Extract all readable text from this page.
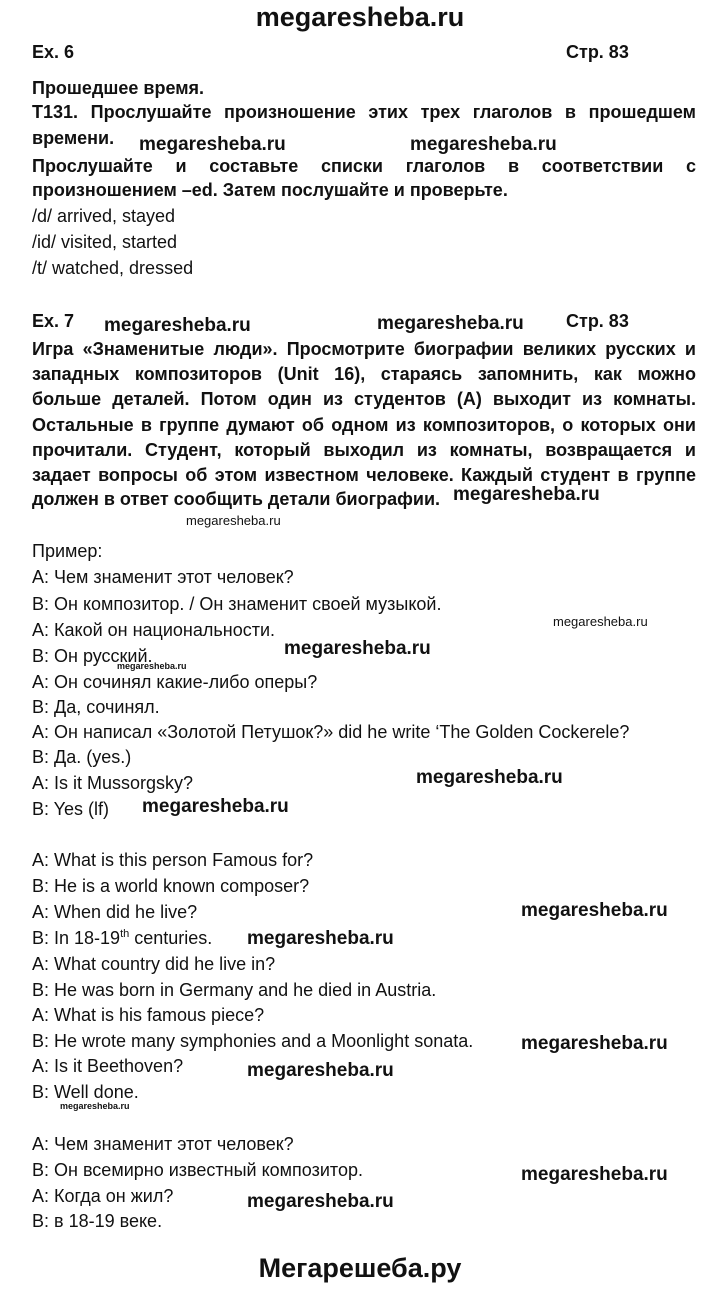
megaresheba.ru
Ex. 6	Стр. 83
Прошедшее время.
T131. Прослушайте произношение этих трех глаголов в прошедшем
времени.
Прослушайте и составьте списки глаголов в соответствии с
произношением –ed. Затем послушайте и проверьте.
/d/ arrived, stayed
/id/ visited, started
/t/ watched, dressed
Ex. 7	Стр. 83
Игра «Знаменитые люди». Просмотрите биографии великих русских и
западных композиторов (Unit 16), стараясь запомнить, как можно
больше деталей. Потом один из студентов (А) выходит из комнаты.
Остальные в группе думают об одном из композиторов, о которых они
прочитали. Студент, который выходил из комнаты, возвращается и
задает вопросы об этом известном человеке. Каждый студент в группе
должен в ответ сообщить детали биографии.
Пример:
A: Чем знаменит этот человек?
B: Он композитор. / Он знаменит своей музыкой.
A: Какой он национальности.
B: Он русский.
A: Он сочинял какие-либо оперы?
B: Да, сочинял.
A: Он написал «Золотой Петушок?» did he write ‘The Golden Cockerele?
B: Да. (yes.)
A: Is it Mussorgsky?
B: Yes (lf)
A: What is this person Famous for?
B: He is a world known composer?
A: When did he live?
B: In 18-19th centuries.
A: What country did he live in?
B: He was born in Germany and he died in Austria.
A: What is his famous piece?
B: He wrote many symphonies and a Moonlight sonata.
A: Is it Beethoven?
B: Well done.
A: Чем знаменит этот человек?
B: Он всемирно известный композитор.
A: Когда он жил?
B: в 18-19 веке.
megaresheba.ru	megaresheba.ru
megaresheba.ru	megaresheba.ru
megaresheba.ru
megaresheba.ru
megaresheba.ru
megaresheba.ru
megaresheba.ru
megaresheba.ru
megaresheba.ru
megaresheba.ru
megaresheba.ru
megaresheba.ru
megaresheba.ru
megaresheba.ru
megaresheba.ru
megaresheba.ru
Мегарешеба.ру
